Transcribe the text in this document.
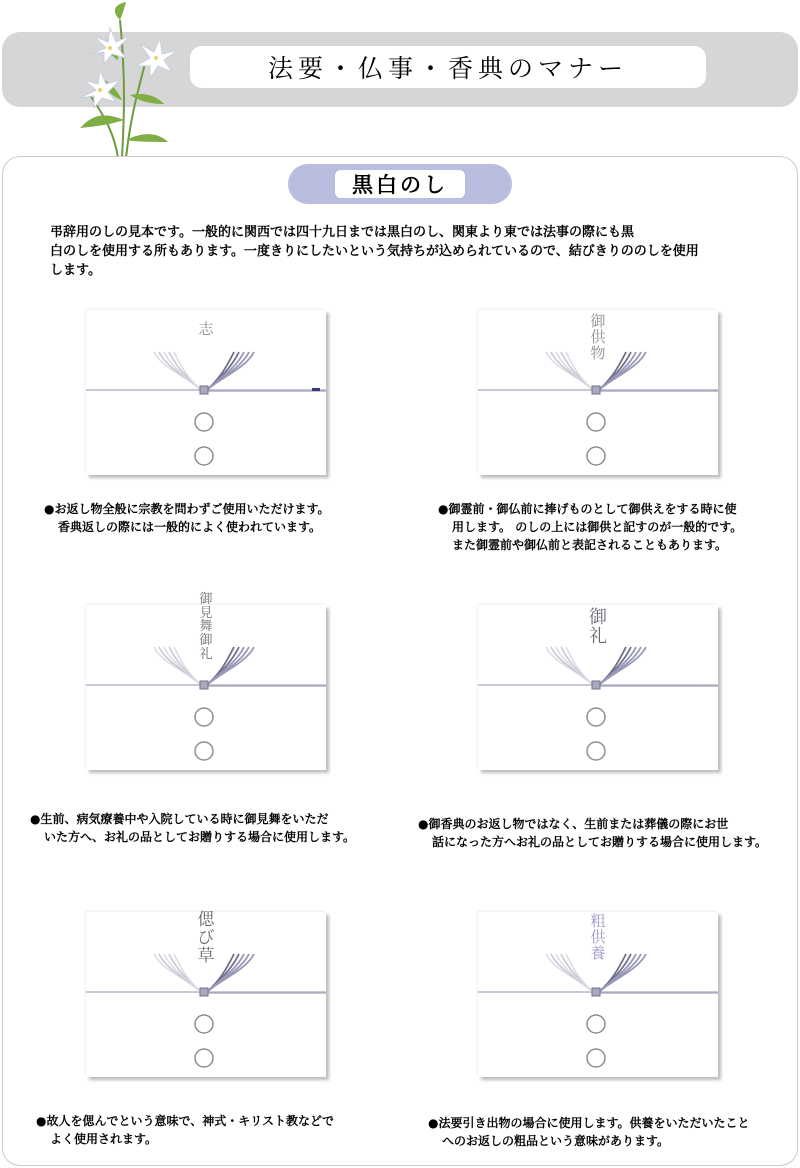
法要・仏事・香典のマナー
黒白のし
弔辞用のしの見本です。一般的に関西では四十九日までは黒白のし、関東より東では法事の際にも黒
白のしを使用する所もあります。一度きりにしたいという気持ちが込められているので、結びきりののしを使用
します。
志
●お返し物全般に宗教を問わずご使用いただけます。
香典返しの際には一般的によく使われています。
御
供
物
●御霊前・御仏前に捧げものとして御供えをする時に使
用します。 のしの上には御供と記すのが一般的です。
また御霊前や御仏前と表記されることもあります。
御
見
舞
御
礼
●生前、病気療養中や入院している時に御見舞をいただ
いた方へ、お礼の品としてお贈りする場合に使用します。
御
礼
●御香典のお返し物ではなく、生前または葬儀の際にお世
話になった方へお礼の品としてお贈りする場合に使用します。
偲
び
草
●故人を偲んでという意味で、神式・キリスト教などで
よく使用されます。
粗
供
養
●法要引き出物の場合に使用します。供養をいただいたこと
へのお返しの粗品という意味があります。
